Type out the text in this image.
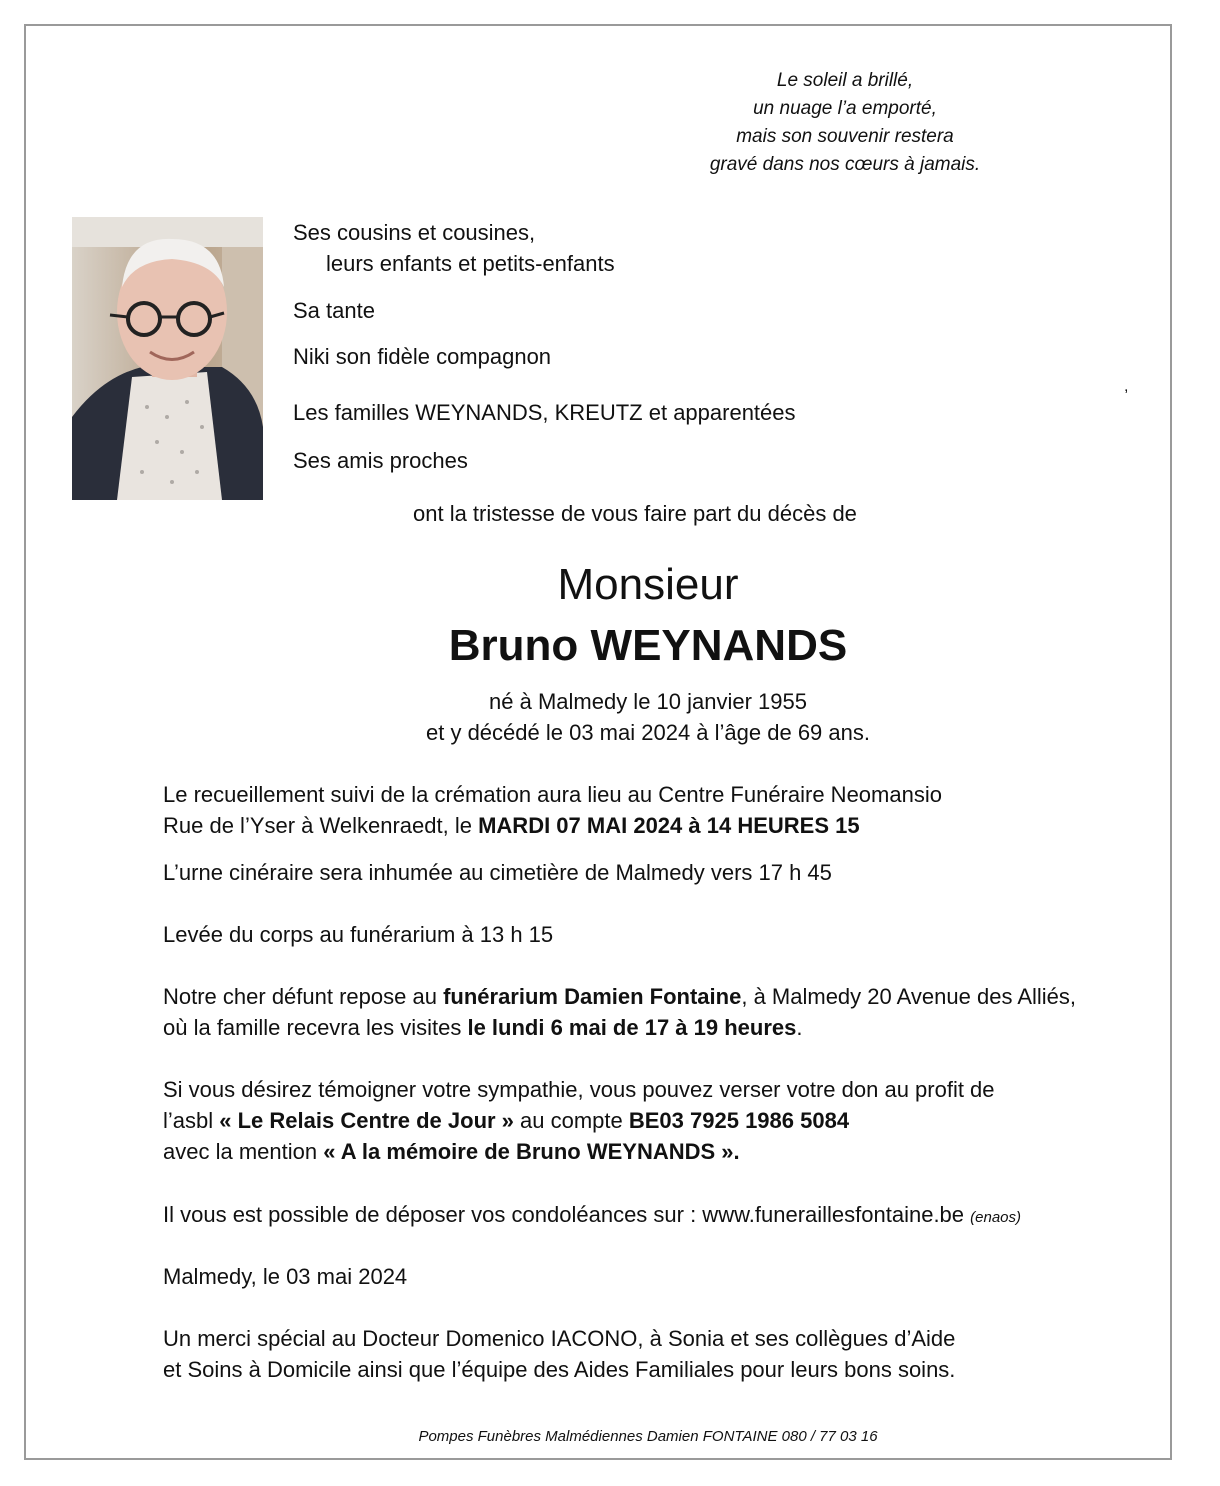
Le soleil a brillé,
un nuage l’a emporté,
mais son souvenir restera
gravé dans nos cœurs à jamais.
Ses cousins et cousines,
leurs enfants et petits-enfants
Sa tante
Niki son fidèle compagnon
,
Les familles WEYNANDS, KREUTZ et apparentées
Ses amis proches
ont la tristesse de vous faire part du décès de
Monsieur
Bruno WEYNANDS
né à Malmedy le 10 janvier 1955
et y décédé le 03 mai 2024 à l’âge de 69 ans.
Le recueillement suivi de la crémation aura lieu au Centre Funéraire Neomansio
Rue de l’Yser à Welkenraedt, le MARDI 07 MAI 2024 à 14 HEURES 15
L’urne cinéraire sera inhumée au cimetière de Malmedy vers 17 h 45
Levée du corps au funérarium à 13 h 15
Notre cher défunt repose au funérarium Damien Fontaine, à Malmedy 20 Avenue des Alliés,
où la famille recevra les visites le lundi 6 mai de 17 à 19 heures.
Si vous désirez témoigner votre sympathie, vous pouvez verser votre don au profit de
l’asbl « Le Relais Centre de Jour » au compte BE03 7925 1986 5084
avec la mention « A la mémoire de Bruno WEYNANDS ».
Il vous est possible de déposer vos condoléances sur : www.funeraillesfontaine.be (enaos)
Malmedy, le 03 mai 2024
Un merci spécial au Docteur Domenico IACONO, à Sonia et ses collègues d’Aide
et Soins à Domicile ainsi que l’équipe des Aides Familiales pour leurs bons soins.
Pompes Funèbres Malmédiennes Damien FONTAINE 080 / 77 03 16
